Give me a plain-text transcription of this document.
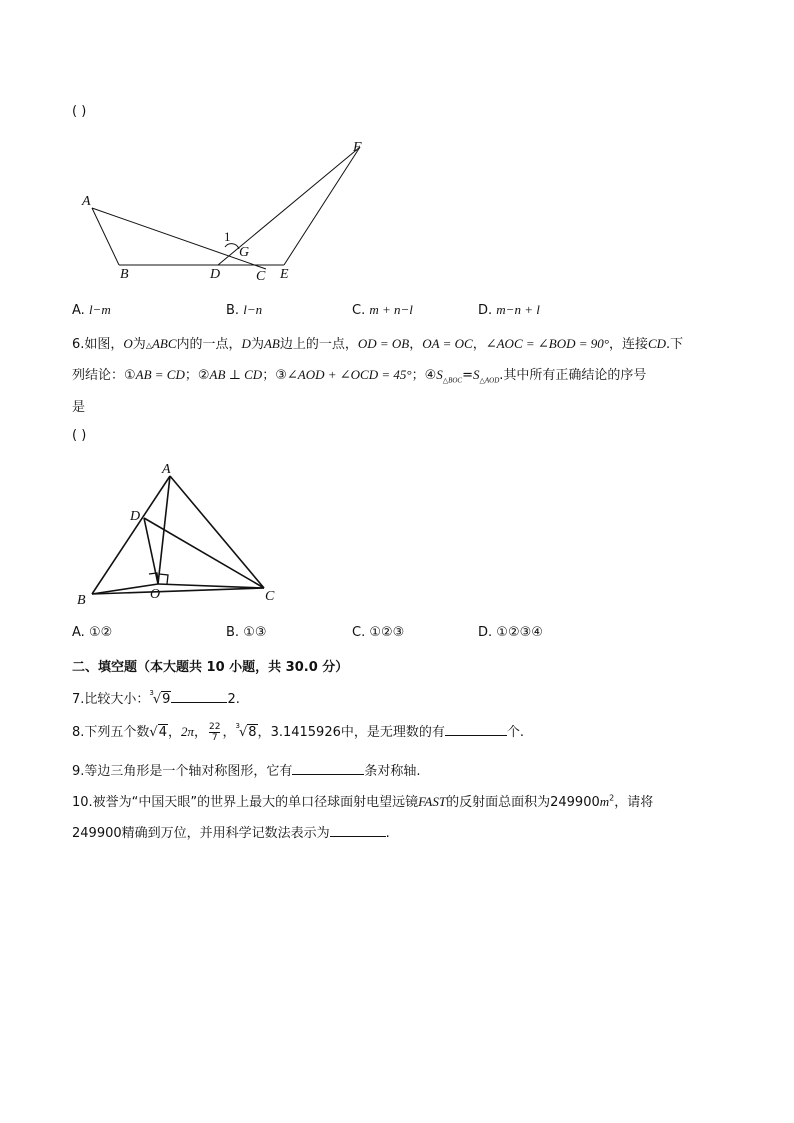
( )
A
B	D	C E
F
G
1
A. l−m	B. l−n	C. m + n−l	D. m−n + l
6.如图，O为△ABC内的一点，D为AB边上的一点，OD = OB，OA = OC，∠AOC = ∠BOD = 90°，连接CD.下
列结论：①AB = CD；②AB ⊥ CD；③∠AOD + ∠OCD = 45°；$④S_{\triangle BOC}=S_{\triangle AOD}$.其中所有正确结论的序号
是
( )
A
D
B	O	C
A. ①②	B. ①③	C. ①②③	D. ①②③④
二、填空题（本大题共 10 小题，共 30.0 分）
7.比较大小：$^3$√9	2.
8.下列五个数√4，2π， $\frac{22}{7}$ ，$^3$√8，3.1415926中，是无理数的有	个.
9.等边三角形是一个轴对称图形，它有	条对称轴.
10.被誉为“中国天眼”的世界上最大的单口径球面射电望远镜FAST的反射面总面积为$249900m^2$，请将
249900精确到万位，并用科学记数法表示为	.
